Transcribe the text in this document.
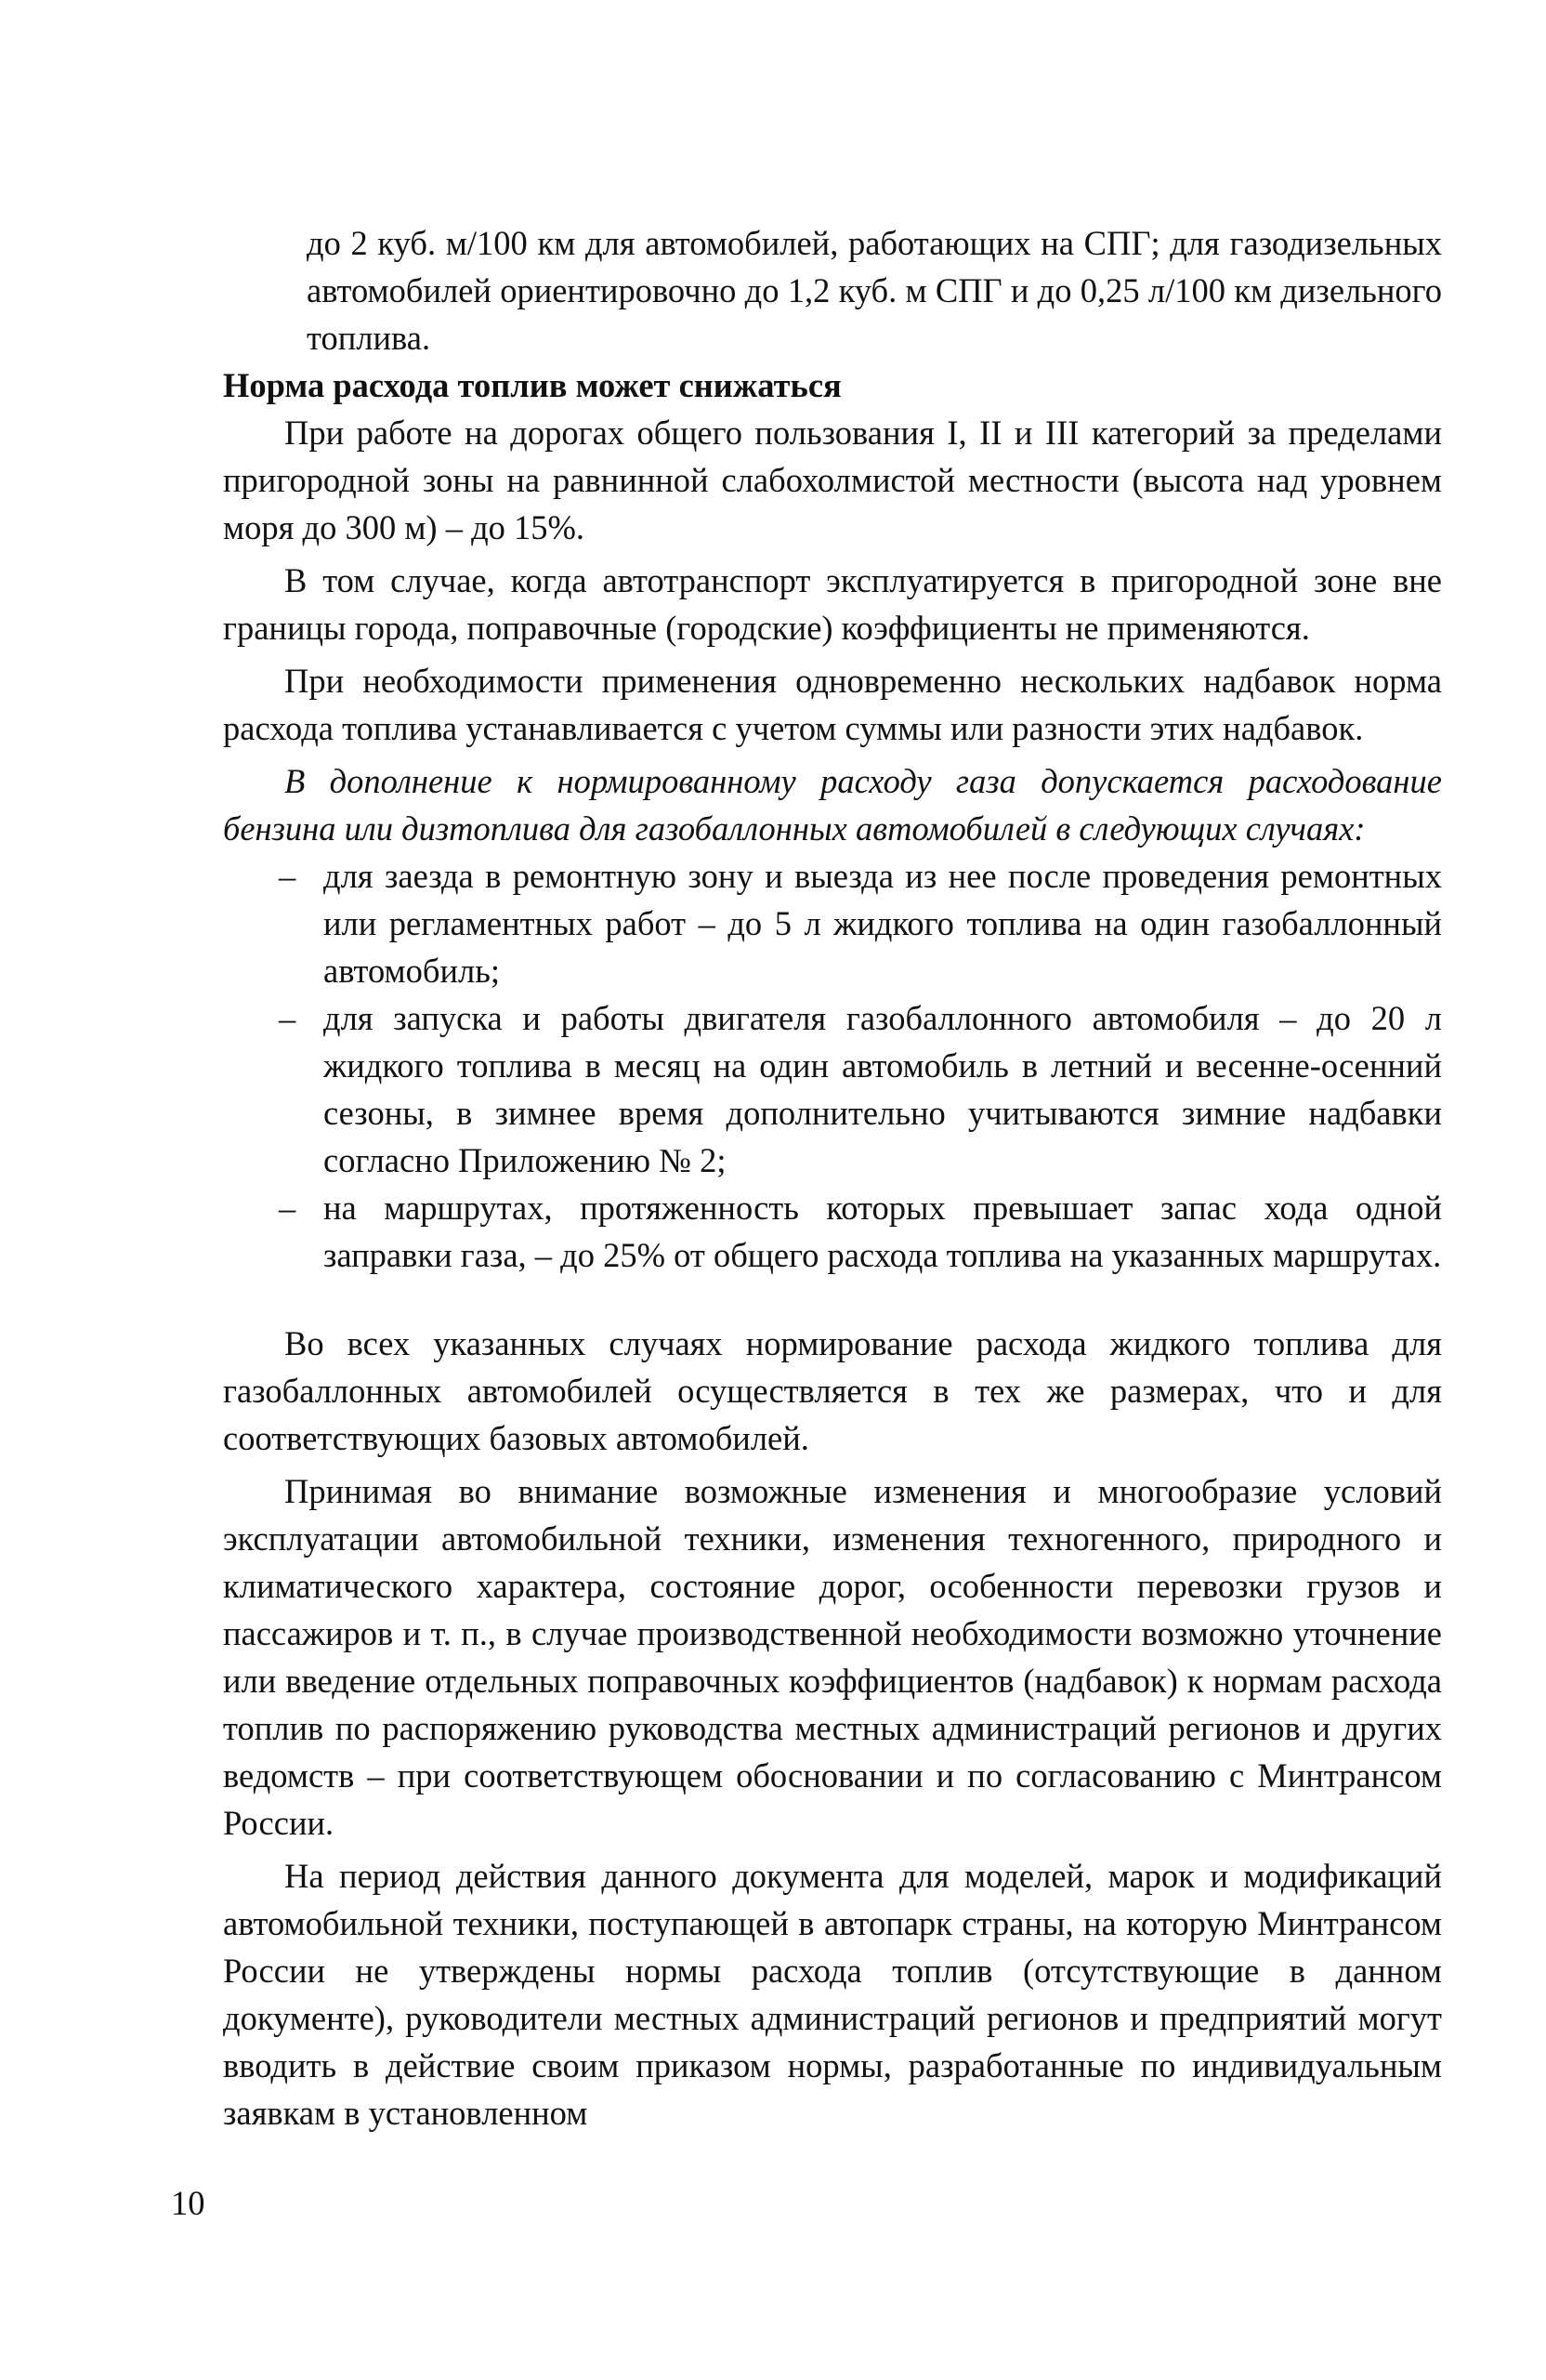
до 2 куб. м/100 км для автомобилей, работающих на СПГ; для газодизельных автомобилей ориентировочно до 1,2 куб. м СПГ и до 0,25 л/100 км дизельного топлива.

Норма расхода топлив может снижаться

При работе на дорогах общего пользования I, II и III категорий за пределами пригородной зоны на равнинной слабохолмистой местности (высота над уровнем моря до 300 м) – до 15%.

В том случае, когда автотранспорт эксплуатируется в пригородной зоне вне границы города, поправочные (городские) коэффициенты не применяются.

При необходимости применения одновременно нескольких надбавок норма расхода топлива устанавливается с учетом суммы или разности этих надбавок.

В дополнение к нормированному расходу газа допускается расходование бензина или дизтоплива для газобаллонных автомобилей в следующих случаях:

– для заезда в ремонтную зону и выезда из нее после проведения ремонтных или регламентных работ – до 5 л жидкого топлива на один газобаллонный автомобиль;
– для запуска и работы двигателя газобаллонного автомобиля – до 20 л жидкого топлива в месяц на один автомобиль в летний и весенне-осенний сезоны, в зимнее время дополнительно учитываются зимние надбавки согласно Приложению № 2;
– на маршрутах, протяженность которых превышает запас хода одной заправки газа, – до 25% от общего расхода топлива на указанных маршрутах.

Во всех указанных случаях нормирование расхода жидкого топлива для газобаллонных автомобилей осуществляется в тех же размерах, что и для соответствующих базовых автомобилей.

Принимая во внимание возможные изменения и многообразие условий эксплуатации автомобильной техники, изменения техногенного, природного и климатического характера, состояние дорог, особенности перевозки грузов и пассажиров и т. п., в случае производственной необходимости возможно уточнение или введение отдельных поправочных коэффициентов (надбавок) к нормам расхода топлив по распоряжению руководства местных администраций регионов и других ведомств – при соответствующем обосновании и по согласованию с Минтрансом России.

На период действия данного документа для моделей, марок и модификаций автомобильной техники, поступающей в автопарк страны, на которую Минтрансом России не утверждены нормы расхода топлив (отсутствующие в данном документе), руководители местных администраций регионов и предприятий могут вводить в действие своим приказом нормы, разработанные по индивидуальным заявкам в установленном

10
